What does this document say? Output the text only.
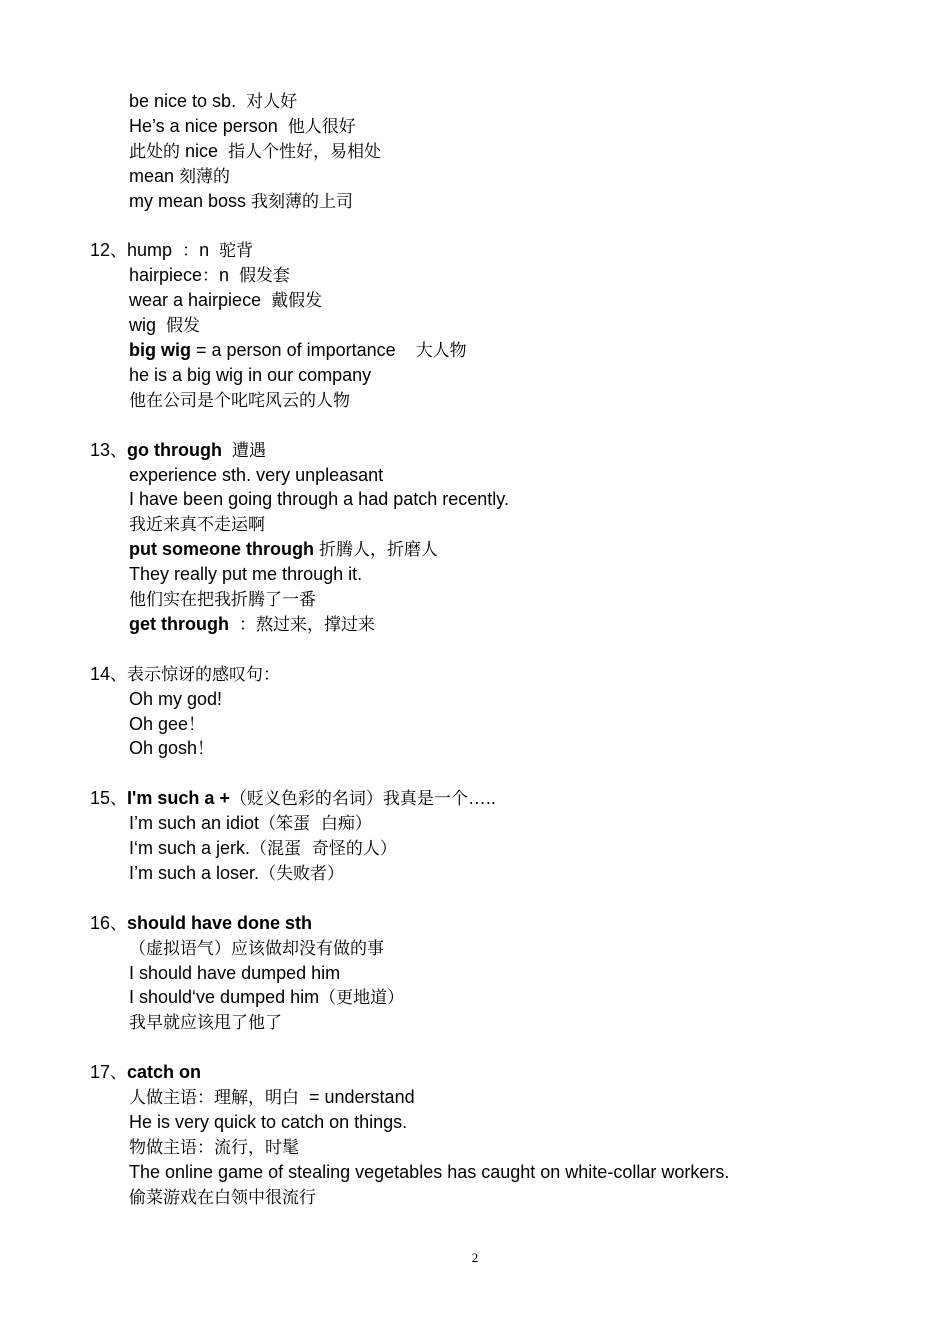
be nice to sb.  对人好
He’s a nice person  他人很好
此处的 nice  指人个性好，易相处
mean 刻薄的
my mean boss 我刻薄的上司
12、hump  ：n  驼背
hairpiece：n  假发套
wear a hairpiece  戴假发
wig  假发
big wig = a person of importance    大人物
he is a big wig in our company
他在公司是个叱咤风云的人物
13、go through 遭遇
experience sth. very unpleasant
I have been going through a had patch recently.
我近来真不走运啊
put someone through 折腾人，折磨人
They really put me through it.
他们实在把我折腾了一番
get through ：熬过来，撑过来
14、表示惊讶的感叹句：
Oh my god!
Oh gee！
Oh gosh！
15、I'm such a +（贬义色彩的名词）我真是一个…..
I’m such an idiot（笨蛋  白痴）
I‘m such a jerk.（混蛋  奇怪的人）
I’m such a loser.（失败者）
16、should have done sth
（虚拟语气）应该做却没有做的事
I should have dumped him
I should‘ve dumped him（更地道）
我早就应该甩了他了
17、catch on
人做主语：理解，明白  = understand
He is very quick to catch on things.
物做主语：流行，时髦
The online game of stealing vegetables has caught on white-collar workers.
偷菜游戏在白领中很流行
2
